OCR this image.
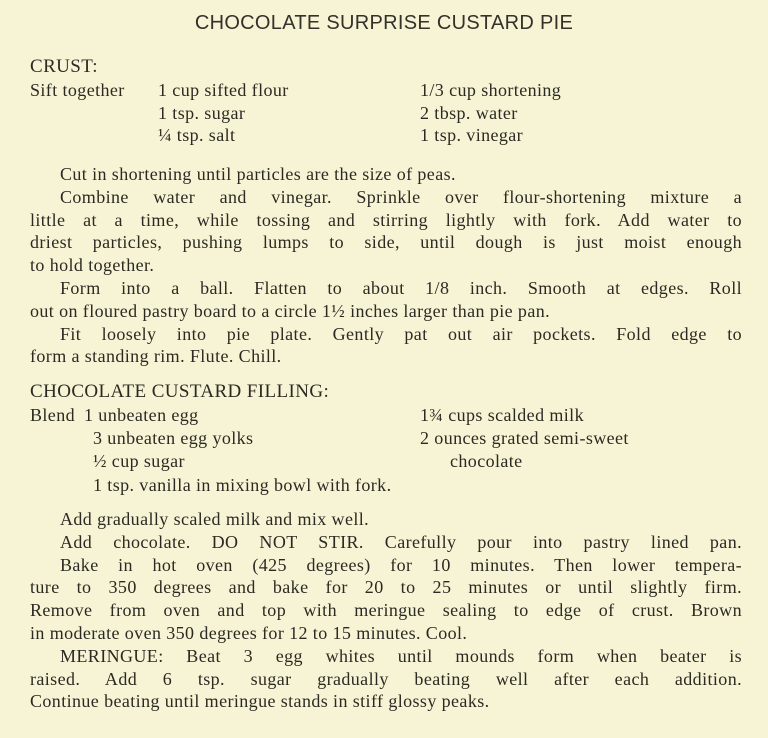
CHOCOLATE SURPRISE CUSTARD PIE
CRUST:
Sift together 1 cup sifted flour
1 tsp. sugar
¼ tsp. salt
1/3 cup shortening
2 tbsp. water
1 tsp. vinegar
Cut in shortening until particles are the size of peas.
Combine water and vinegar. Sprinkle over flour-shortening mixture a
little at a time, while tossing and stirring lightly with fork. Add water to
driest particles, pushing lumps to side, until dough is just moist enough
to hold together.
Form into a ball. Flatten to about 1/8 inch. Smooth at edges. Roll
out on floured pastry board to a circle 1½ inches larger than pie pan.
Fit loosely into pie plate. Gently pat out air pockets. Fold edge to
form a standing rim. Flute. Chill.
CHOCOLATE CUSTARD FILLING:
Blend 1 unbeaten egg
3 unbeaten egg yolks
½ cup sugar
1 tsp. vanilla in mixing bowl with fork.
1¾ cups scalded milk
2 ounces grated semi-sweet
chocolate
Add gradually scaled milk and mix well.
Add chocolate. DO NOT STIR. Carefully pour into pastry lined pan.
Bake in hot oven (425 degrees) for 10 minutes. Then lower tempera-
ture to 350 degrees and bake for 20 to 25 minutes or until slightly firm.
Remove from oven and top with meringue sealing to edge of crust. Brown
in moderate oven 350 degrees for 12 to 15 minutes. Cool.
MERINGUE: Beat 3 egg whites until mounds form when beater is
raised. Add 6 tsp. sugar gradually beating well after each addition.
Continue beating until meringue stands in stiff glossy peaks.
